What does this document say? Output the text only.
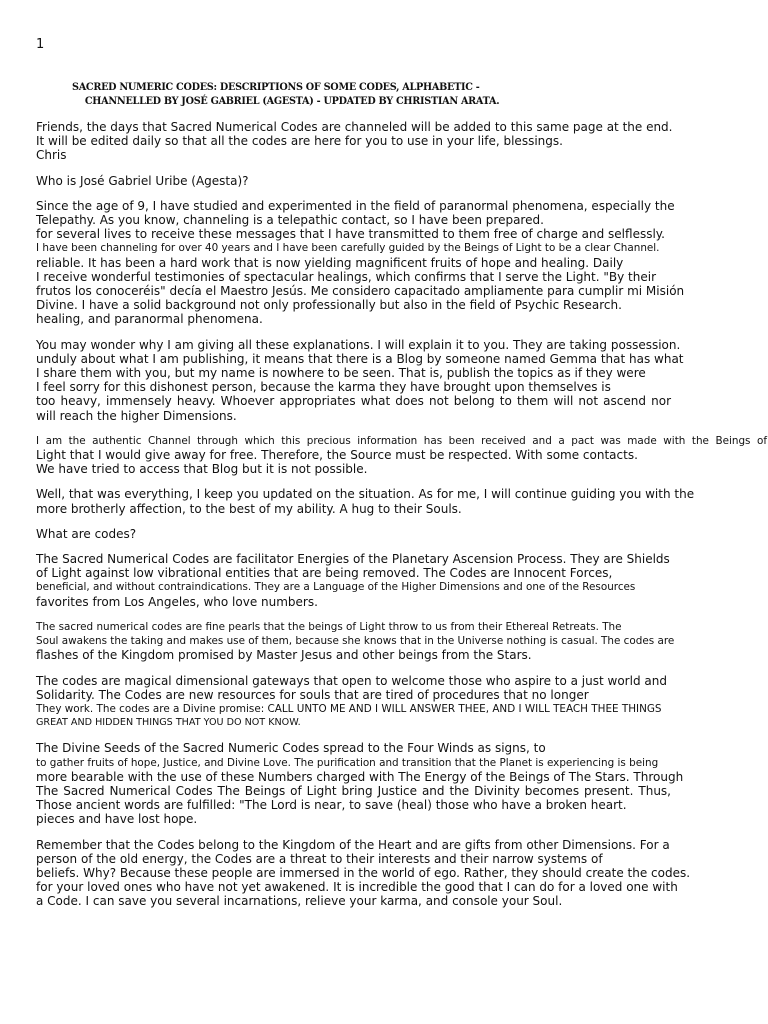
1
SACRED NUMERIC CODES: DESCRIPTIONS OF SOME CODES, ALPHABETIC -
CHANNELLED BY JOSÉ GABRIEL (AGESTA) - UPDATED BY CHRISTIAN ARATA.
Friends, the days that Sacred Numerical Codes are channeled will be added to this same page at the end.
It will be edited daily so that all the codes are here for you to use in your life, blessings.
Chris
Who is José Gabriel Uribe (Agesta)?
Since the age of 9, I have studied and experimented in the field of paranormal phenomena, especially the
Telepathy. As you know, channeling is a telepathic contact, so I have been prepared.
for several lives to receive these messages that I have transmitted to them free of charge and selflessly.
I have been channeling for over 40 years and I have been carefully guided by the Beings of Light to be a clear Channel.
reliable. It has been a hard work that is now yielding magnificent fruits of hope and healing. Daily
I receive wonderful testimonies of spectacular healings, which confirms that I serve the Light. "By their
frutos los conoceréis" decía el Maestro Jesús. Me considero capacitado ampliamente para cumplir mi Misión
Divine. I have a solid background not only professionally but also in the field of Psychic Research.
healing, and paranormal phenomena.
You may wonder why I am giving all these explanations. I will explain it to you. They are taking possession.
unduly about what I am publishing, it means that there is a Blog by someone named Gemma that has what
I share them with you, but my name is nowhere to be seen. That is, publish the topics as if they were
I feel sorry for this dishonest person, because the karma they have brought upon themselves is
too heavy, immensely heavy. Whoever appropriates what does not belong to them will not ascend nor
will reach the higher Dimensions.
I am the authentic Channel through which this precious information has been received and a pact was made with the Beings of
Light that I would give away for free. Therefore, the Source must be respected. With some contacts.
We have tried to access that Blog but it is not possible.
Well, that was everything, I keep you updated on the situation. As for me, I will continue guiding you with the
more brotherly affection, to the best of my ability. A hug to their Souls.
What are codes?
The Sacred Numerical Codes are facilitator Energies of the Planetary Ascension Process. They are Shields
of Light against low vibrational entities that are being removed. The Codes are Innocent Forces,
beneficial, and without contraindications. They are a Language of the Higher Dimensions and one of the Resources
favorites from Los Angeles, who love numbers.
The sacred numerical codes are fine pearls that the beings of Light throw to us from their Ethereal Retreats. The
Soul awakens the taking and makes use of them, because she knows that in the Universe nothing is casual. The codes are
flashes of the Kingdom promised by Master Jesus and other beings from the Stars.
The codes are magical dimensional gateways that open to welcome those who aspire to a just world and
Solidarity. The Codes are new resources for souls that are tired of procedures that no longer
They work. The codes are a Divine promise: CALL UNTO ME AND I WILL ANSWER THEE, AND I WILL TEACH THEE THINGS
GREAT AND HIDDEN THINGS THAT YOU DO NOT KNOW.
The Divine Seeds of the Sacred Numeric Codes spread to the Four Winds as signs, to
to gather fruits of hope, Justice, and Divine Love. The purification and transition that the Planet is experiencing is being
more bearable with the use of these Numbers charged with The Energy of the Beings of The Stars. Through
The Sacred Numerical Codes The Beings of Light bring Justice and the Divinity becomes present. Thus,
Those ancient words are fulfilled: "The Lord is near, to save (heal) those who have a broken heart.
pieces and have lost hope.
Remember that the Codes belong to the Kingdom of the Heart and are gifts from other Dimensions. For a
person of the old energy, the Codes are a threat to their interests and their narrow systems of
beliefs. Why? Because these people are immersed in the world of ego. Rather, they should create the codes.
for your loved ones who have not yet awakened. It is incredible the good that I can do for a loved one with
a Code. I can save you several incarnations, relieve your karma, and console your Soul.
